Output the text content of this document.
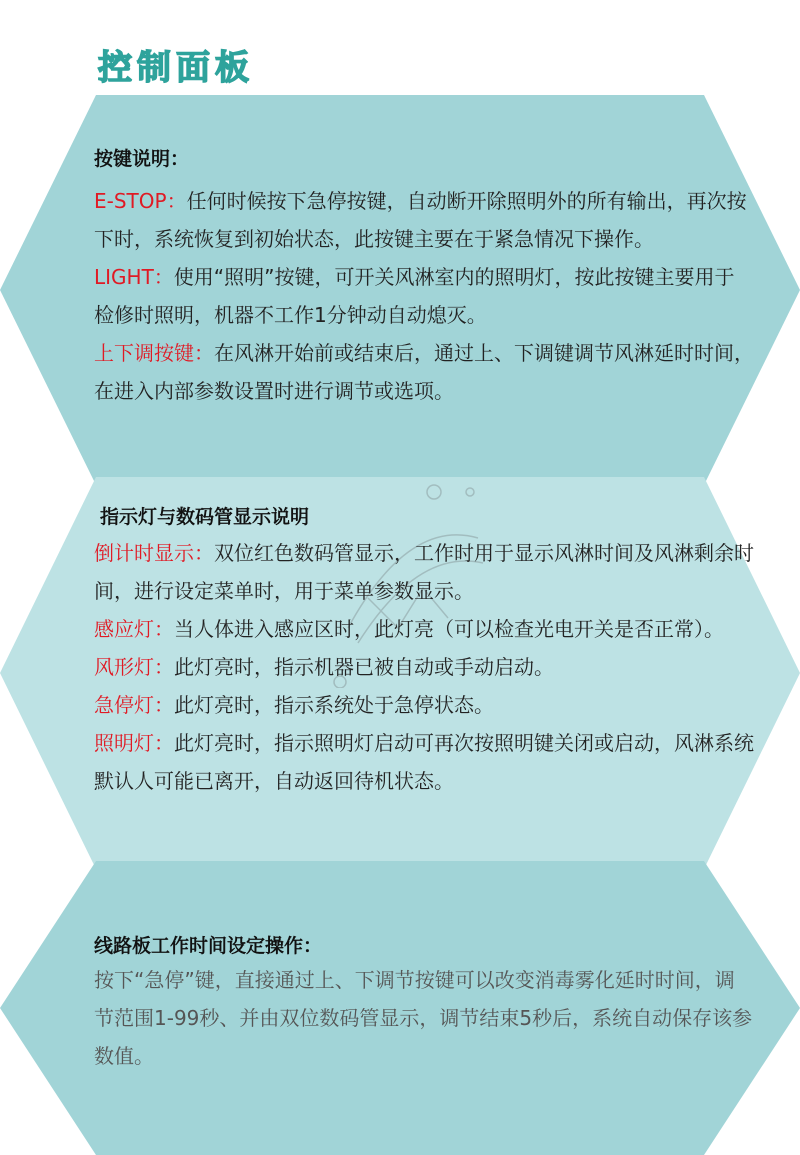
控制面板
按键说明：

E-STOP：任何时候按下急停按键，自动断开除照明外的所有输出，再次按下时，系统恢复到初始状态，此按键主要在于紧急情况下操作。

LIGHT：使用“照明”按键，可开关风淋室内的照明灯，按此按键主要用于检修时照明，机器不工作1分钟动自动熄灭。

上下调按键：在风淋开始前或结束后，通过上、下调键调节风淋延时时间，在进入内部参数设置时进行调节或选项。

指示灯与数码管显示说明

倒计时显示：双位红色数码管显示，工作时用于显示风淋时间及风淋剩余时间，进行设定菜单时，用于菜单参数显示。

感应灯：当人体进入感应区时，此灯亮（可以检查光电开关是否正常）。

风形灯：此灯亮时，指示机器已被自动或手动启动。

急停灯：此灯亮时，指示系统处于急停状态。

照明灯：此灯亮时，指示照明灯启动可再次按照明键关闭或启动，风淋系统默认人可能已离开，自动返回待机状态。

线路板工作时间设定操作：

按下“急停”键，直接通过上、下调节按键可以改变消毒雾化延时时间，调节范围1-99秒、并由双位数码管显示，调节结束5秒后，系统自动保存该参数值。
